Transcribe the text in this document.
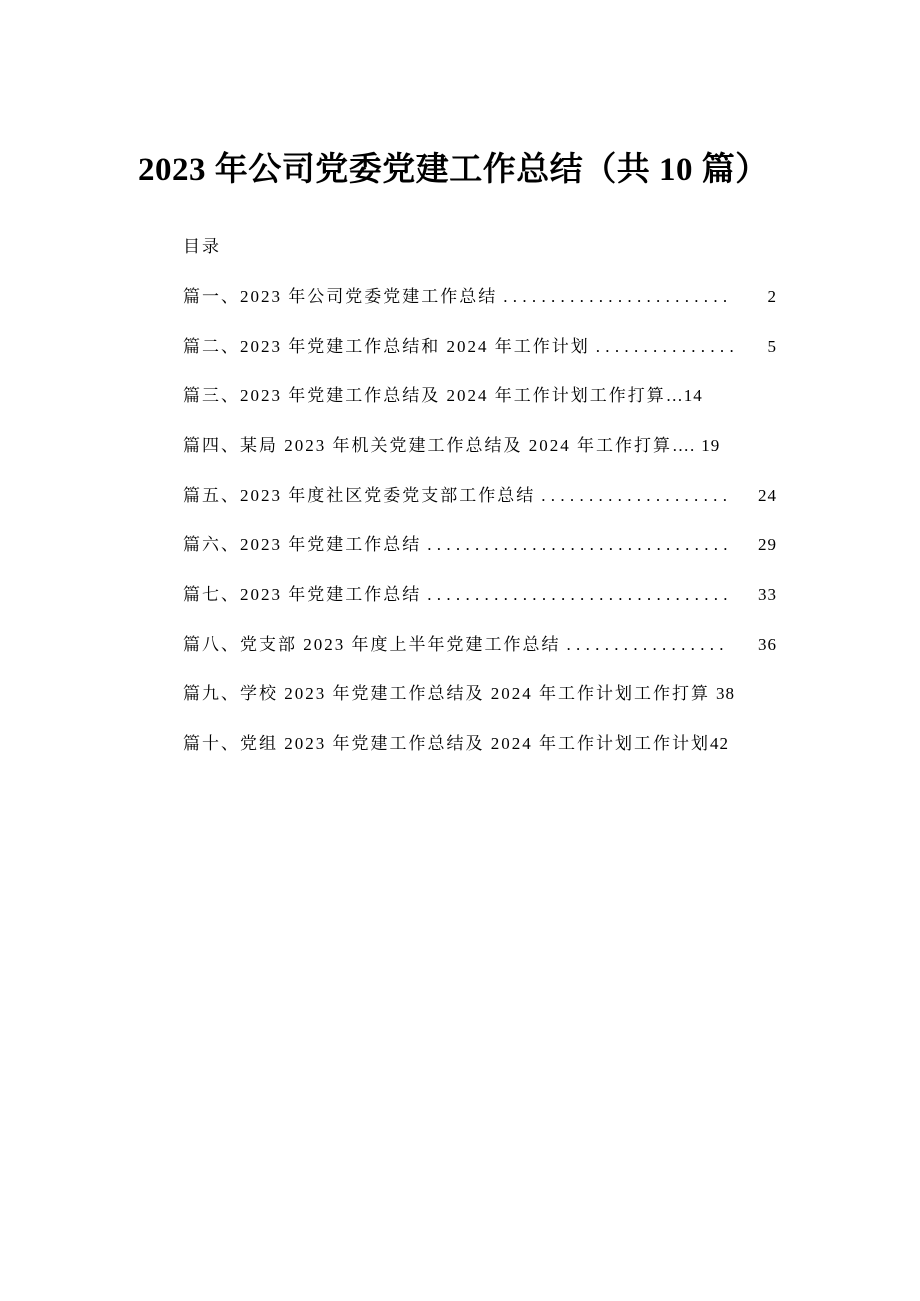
2023 年公司党委党建工作总结（共 10 篇）
目录
篇一、2023 年公司党委党建工作总结 ........................	2
篇二、2023 年党建工作总结和 2024 年工作计划 ...............	5
篇三、2023 年党建工作总结及 2024 年工作计划工作打算 … 14
篇四、某局 2023 年机关党建工作总结及 2024 年工作打算 …. 19
篇五、2023 年度社区党委党支部工作总结 ....................	24
篇六、2023 年党建工作总结 ................................	29
篇七、2023 年党建工作总结 ................................	33
篇八、党支部 2023 年度上半年党建工作总结 .................	36
篇九、学校 2023 年党建工作总结及 2024 年工作计划工作打算 38
篇十、党组 2023 年党建工作总结及 2024 年工作计划工作计划 42
